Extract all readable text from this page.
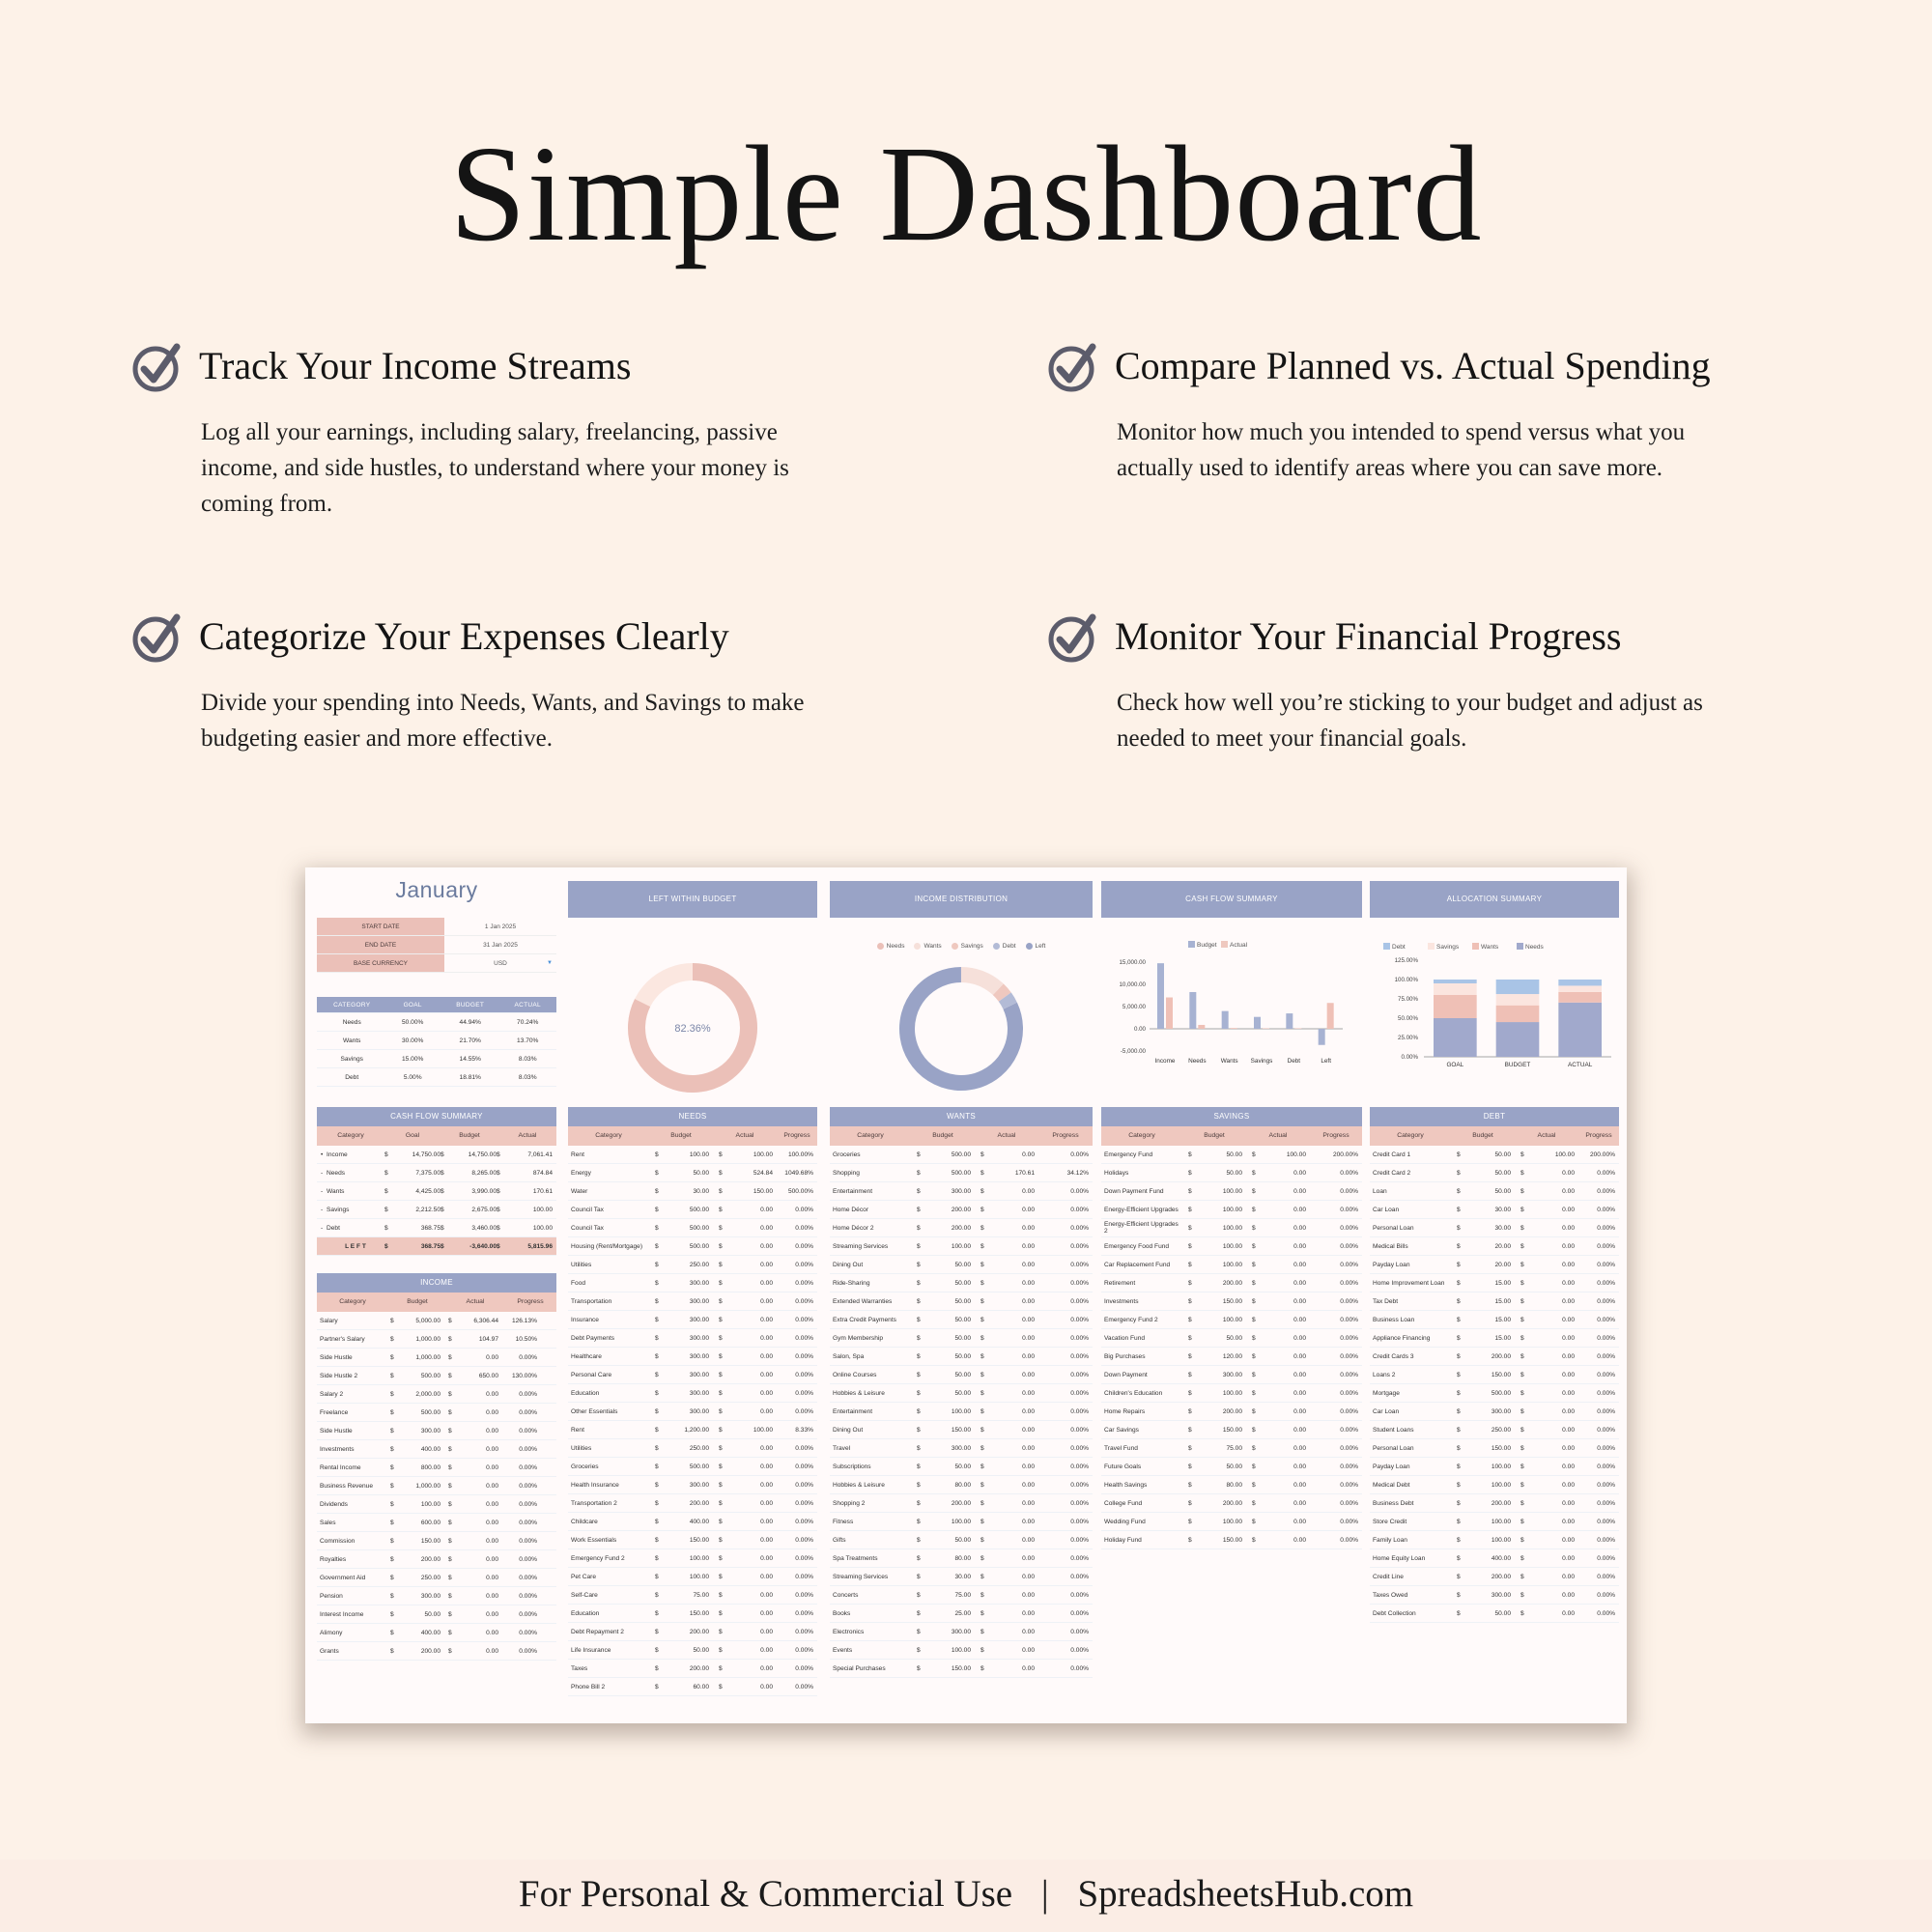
Simple Dashboard
Track Your Income Streams

Log all your earnings, including salary, freelancing, passive income, and side hustles, to understand where your money is coming from.

Compare Planned vs. Actual Spending

Monitor how much you intended to spend versus what you actually used to identify areas where you can save more.

Categorize Your Expenses Clearly

Divide your spending into Needs, Wants, and Savings to make budgeting easier and more effective.

Monitor Your Financial Progress

Check how well you’re sticking to your budget and adjust as needed to meet your financial goals.

January
START DATE	1 Jan 2025
END DATE	31 Jan 2025
BASE CURRENCY	USD	▼
CATEGORY	GOAL	BUDGET	ACTUAL
Needs	50.00%	44.94%	70.24%
Wants	30.00%	21.70%	13.70%
Savings	15.00%	14.55%	8.03%
Debt	5.00%	18.81%	8.03%
LEFT WITHIN BUDGET
82.36%
INCOME DISTRIBUTION
Needs	Wants	Savings	Debt	Left
CASH FLOW SUMMARY
Budget Actual
15,000.00
10,000.00
5,000.00
0.00
-5,000.00
Income Needs Wants Savings Debt	Left
ALLOCATION SUMMARY
Debt	Savings	Wants	Needs
125.00%
100.00%
75.00%
50.00%
25.00%
0.00%
GOAL	BUDGET	ACTUAL
CASH FLOW SUMMARY
Category	Goal	Budget	Actual
• Income	$	14,750.00 $	14,750.00 $	7,061.41
- Needs	$	7,375.00 $	8,265.00 $	874.84
- Wants	$	4,425.00 $	3,990.00 $	170.61
- Savings	$	2,212.50 $	2,675.00 $	100.00
- Debt	$	368.75 $	3,460.00 $	100.00
L E F T	$	368.75 $	-3,640.00 $	5,815.96
INCOME
Category	Budget	Actual	Progress
Salary	$	5,000.00	$	6,306.44	126.13%
Partner's Salary	$	1,000.00	$	104.97	10.50%
Side Hustle	$	1,000.00	$	0.00	0.00%
Side Hustle 2	$	500.00	$	650.00	130.00%
Salary 2	$	2,000.00	$	0.00	0.00%
Freelance	$	500.00	$	0.00	0.00%
Side Hustle	$	300.00	$	0.00	0.00%
Investments	$	400.00	$	0.00	0.00%
Rental Income	$	800.00	$	0.00	0.00%
Business Revenue	$	1,000.00	$	0.00	0.00%
Dividends	$	100.00	$	0.00	0.00%
Sales	$	600.00	$	0.00	0.00%
Commission	$	150.00	$	0.00	0.00%
Royalties	$	200.00	$	0.00	0.00%
Government Aid	$	250.00	$	0.00	0.00%
Pension	$	300.00	$	0.00	0.00%
Interest Income	$	50.00	$	0.00	0.00%
Alimony	$	400.00	$	0.00	0.00%
Grants	$	200.00	$	0.00	0.00%
NEEDS
Category	Budget	Actual	Progress
Rent	$	100.00	$	100.00	100.00%
Energy	$	50.00	$	524.84	1049.68%
Water	$	30.00	$	150.00	500.00%
Council Tax	$	500.00	$	0.00	0.00%
Council Tax	$	500.00	$	0.00	0.00%
Housing (Rent/Mortgage)	$	500.00	$	0.00	0.00%
Utilities	$	250.00	$	0.00	0.00%
Food	$	300.00	$	0.00	0.00%
Transportation	$	300.00	$	0.00	0.00%
Insurance	$	300.00	$	0.00	0.00%
Debt Payments	$	300.00	$	0.00	0.00%
Healthcare	$	300.00	$	0.00	0.00%
Personal Care	$	300.00	$	0.00	0.00%
Education	$	300.00	$	0.00	0.00%
Other Essentials	$	300.00	$	0.00	0.00%
Rent	$	1,200.00	$	100.00	8.33%
Utilities	$	250.00	$	0.00	0.00%
Groceries	$	500.00	$	0.00	0.00%
Health Insurance	$	300.00	$	0.00	0.00%
Transportation 2	$	200.00	$	0.00	0.00%
Childcare	$	400.00	$	0.00	0.00%
Work Essentials	$	150.00	$	0.00	0.00%
Emergency Fund 2	$	100.00	$	0.00	0.00%
Pet Care	$	100.00	$	0.00	0.00%
Self-Care	$	75.00	$	0.00	0.00%
Education	$	150.00	$	0.00	0.00%
Debt Repayment 2	$	200.00	$	0.00	0.00%
Life Insurance	$	50.00	$	0.00	0.00%
Taxes	$	200.00	$	0.00	0.00%
Phone Bill 2	$	60.00	$	0.00	0.00%
WANTS
Category	Budget	Actual	Progress
Groceries	$	500.00	$	0.00	0.00%
Shopping	$	500.00	$	170.61	34.12%
Entertainment	$	300.00	$	0.00	0.00%
Home Décor	$	200.00	$	0.00	0.00%
Home Décor 2	$	200.00	$	0.00	0.00%
Streaming Services	$	100.00	$	0.00	0.00%
Dining Out	$	50.00	$	0.00	0.00%
Ride-Sharing	$	50.00	$	0.00	0.00%
Extended Warranties	$	50.00	$	0.00	0.00%
Extra Credit Payments	$	50.00	$	0.00	0.00%
Gym Membership	$	50.00	$	0.00	0.00%
Salon, Spa	$	50.00	$	0.00	0.00%
Online Courses	$	50.00	$	0.00	0.00%
Hobbies & Leisure	$	50.00	$	0.00	0.00%
Entertainment	$	100.00	$	0.00	0.00%
Dining Out	$	150.00	$	0.00	0.00%
Travel	$	300.00	$	0.00	0.00%
Subscriptions	$	50.00	$	0.00	0.00%
Hobbies & Leisure	$	80.00	$	0.00	0.00%
Shopping 2	$	200.00	$	0.00	0.00%
Fitness	$	100.00	$	0.00	0.00%
Gifts	$	50.00	$	0.00	0.00%
Spa Treatments	$	80.00	$	0.00	0.00%
Streaming Services	$	30.00	$	0.00	0.00%
Concerts	$	75.00	$	0.00	0.00%
Books	$	25.00	$	0.00	0.00%
Electronics	$	300.00	$	0.00	0.00%
Events	$	100.00	$	0.00	0.00%
Special Purchases	$	150.00	$	0.00	0.00%
SAVINGS
Category	Budget	Actual	Progress
Emergency Fund	$	50.00	$	100.00	200.00%
Holidays	$	50.00	$	0.00	0.00%
Down Payment Fund	$	100.00	$	0.00	0.00%
Energy-Efficient Upgrades	$	100.00	$	0.00	0.00%
Energy-Efficient Upgrades 2	$	100.00	$	0.00	0.00%
Emergency Food Fund	$	100.00	$	0.00	0.00%
Car Replacement Fund	$	100.00	$	0.00	0.00%
Retirement	$	200.00	$	0.00	0.00%
Investments	$	150.00	$	0.00	0.00%
Emergency Fund 2	$	100.00	$	0.00	0.00%
Vacation Fund	$	50.00	$	0.00	0.00%
Big Purchases	$	120.00	$	0.00	0.00%
Down Payment	$	300.00	$	0.00	0.00%
Children's Education	$	100.00	$	0.00	0.00%
Home Repairs	$	200.00	$	0.00	0.00%
Car Savings	$	150.00	$	0.00	0.00%
Travel Fund	$	75.00	$	0.00	0.00%
Future Goals	$	50.00	$	0.00	0.00%
Health Savings	$	80.00	$	0.00	0.00%
College Fund	$	200.00	$	0.00	0.00%
Wedding Fund	$	100.00	$	0.00	0.00%
Holiday Fund	$	150.00	$	0.00	0.00%
DEBT
Category	Budget	Actual	Progress
Credit Card 1	$	50.00	$	100.00	200.00%
Credit Card 2	$	50.00	$	0.00	0.00%
Loan	$	50.00	$	0.00	0.00%
Car Loan	$	30.00	$	0.00	0.00%
Personal Loan	$	30.00	$	0.00	0.00%
Medical Bills	$	20.00	$	0.00	0.00%
Payday Loan	$	20.00	$	0.00	0.00%
Home Improvement Loan	$	15.00	$	0.00	0.00%
Tax Debt	$	15.00	$	0.00	0.00%
Business Loan	$	15.00	$	0.00	0.00%
Appliance Financing	$	15.00	$	0.00	0.00%
Credit Cards 3	$	200.00	$	0.00	0.00%
Loans 2	$	150.00	$	0.00	0.00%
Mortgage	$	500.00	$	0.00	0.00%
Car Loan	$	300.00	$	0.00	0.00%
Student Loans	$	250.00	$	0.00	0.00%
Personal Loan	$	150.00	$	0.00	0.00%
Payday Loan	$	100.00	$	0.00	0.00%
Medical Debt	$	100.00	$	0.00	0.00%
Business Debt	$	200.00	$	0.00	0.00%
Store Credit	$	100.00	$	0.00	0.00%
Family Loan	$	100.00	$	0.00	0.00%
Home Equity Loan	$	400.00	$	0.00	0.00%
Credit Line	$	200.00	$	0.00	0.00%
Taxes Owed	$	300.00	$	0.00	0.00%
Debt Collection	$	50.00	$	0.00	0.00%
For Personal & Commercial Use | SpreadsheetsHub.com
